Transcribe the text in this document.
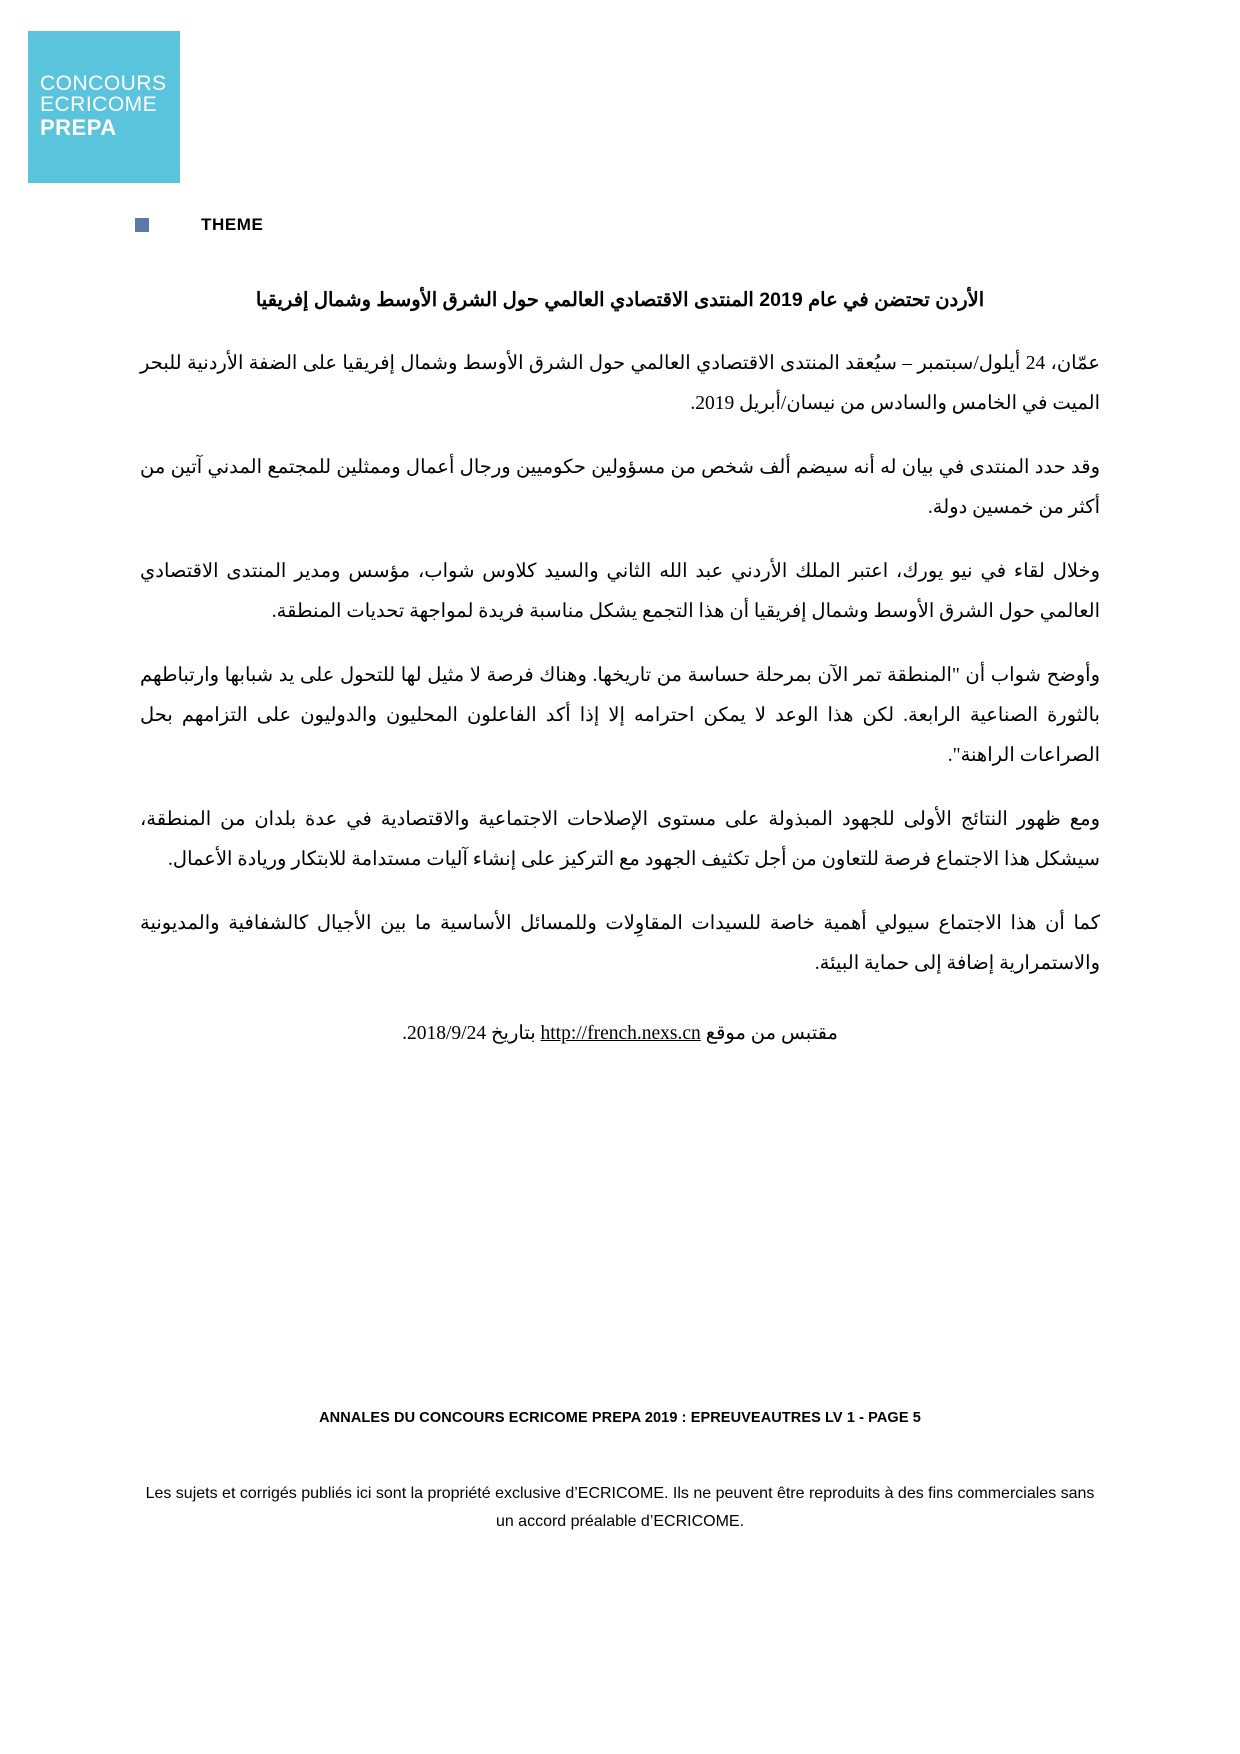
CONCOURS
ECRICOME
PREPA
THEME
الأردن تحتضن في عام 2019 المنتدى الاقتصادي العالمي حول الشرق الأوسط وشمال إفريقيا

عمّان، 24 أيلول/سبتمبر – سيُعقد المنتدى الاقتصادي العالمي حول الشرق الأوسط وشمال إفريقيا على الضفة الأردنية للبحر الميت في الخامس والسادس من نيسان/أبريل 2019.

وقد حدد المنتدى في بيان له أنه سيضم ألف شخص من مسؤولين حكوميين ورجال أعمال وممثلين للمجتمع المدني آتين من أكثر من خمسين دولة.

وخلال لقاء في نيو يورك، اعتبر الملك الأردني عبد الله الثاني والسيد كلاوس شواب، مؤسس ومدير المنتدى الاقتصادي العالمي حول الشرق الأوسط وشمال إفريقيا أن هذا التجمع يشكل مناسبة فريدة لمواجهة تحديات المنطقة.

وأوضح شواب أن "المنطقة تمر الآن بمرحلة حساسة من تاريخها. وهناك فرصة لا مثيل لها للتحول على يد شبابها وارتباطهم بالثورة الصناعية الرابعة. لكن هذا الوعد لا يمكن احترامه إلا إذا أكد الفاعلون المحليون والدوليون على التزامهم بحل الصراعات الراهنة".

ومع ظهور النتائج الأولى للجهود المبذولة على مستوى الإصلاحات الاجتماعية والاقتصادية في عدة بلدان من المنطقة، سيشكل هذا الاجتماع فرصة للتعاون من أجل تكثيف الجهود مع التركيز على إنشاء آليات مستدامة للابتكار وريادة الأعمال.

كما أن هذا الاجتماع سيولي أهمية خاصة للسيدات المقاوِلات وللمسائل الأساسية ما بين الأجيال كالشفافية والمديونية والاستمرارية إضافة إلى حماية البيئة.

مقتبس من موقع http://french.nexs.cn بتاريخ 2018/9/24.

ANNALES DU CONCOURS ECRICOME PREPA 2019 : EPREUVEAUTRES LV 1 - PAGE 5
Les sujets et corrigés publiés ici sont la propriété exclusive d’ECRICOME. Ils ne peuvent être reproduits à des fins commerciales sans un accord préalable d’ECRICOME.
